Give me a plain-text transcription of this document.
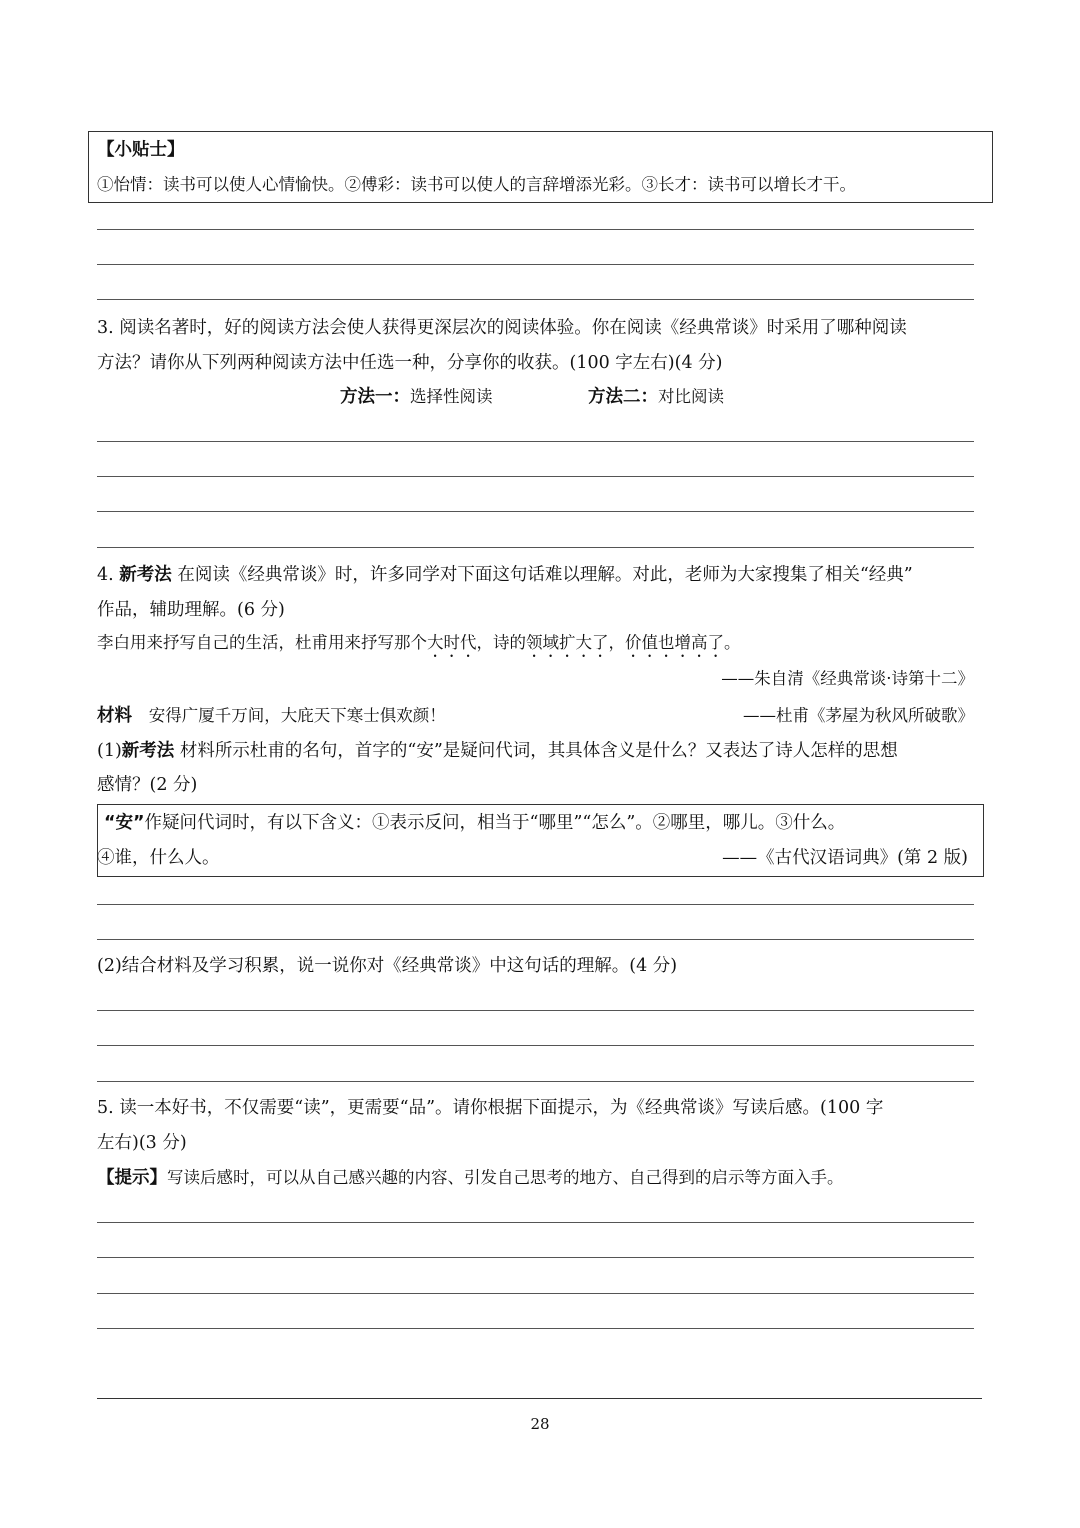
【小贴士】
①怡情：读书可以使人心情愉快。②傅彩：读书可以使人的言辞增添光彩。③长才：读书可以增长才干。
3. 阅读名著时，好的阅读方法会使人获得更深层次的阅读体验。你在阅读《经典常谈》时采用了哪种阅读
方法？请你从下列两种阅读方法中任选一种，分享你的收获。(100 字左右)(4 分)
方法一：选择性阅读	方法二：对比阅读
4. 新考法 在阅读《经典常谈》时，许多同学对下面这句话难以理解。对此，老师为大家搜集了相关“经典”
作品，辅助理解。(6 分)
李白用来抒写自己的生活，杜甫用来抒写那个大时代，诗的领域扩大了，价值也增高了。
——朱自清《经典常谈·诗第十二》
材料 安得广厦千万间，大庇天下寒士俱欢颜！	——杜甫《茅屋为秋风所破歌》
(1)新考法 材料所示杜甫的名句，首字的“安”是疑问代词，其具体含义是什么？又表达了诗人怎样的思想
感情？(2 分)
“安”作疑问代词时，有以下含义：①表示反问，相当于“哪里”“怎么”。②哪里，哪儿。③什么。
④谁，什么人。	——《古代汉语词典》(第 2 版)
(2)结合材料及学习积累，说一说你对《经典常谈》中这句话的理解。(4 分)
5. 读一本好书，不仅需要“读”，更需要“品”。请你根据下面提示，为《经典常谈》写读后感。(100 字
左右)(3 分)
【提示】写读后感时，可以从自己感兴趣的内容、引发自己思考的地方、自己得到的启示等方面入手。
28
